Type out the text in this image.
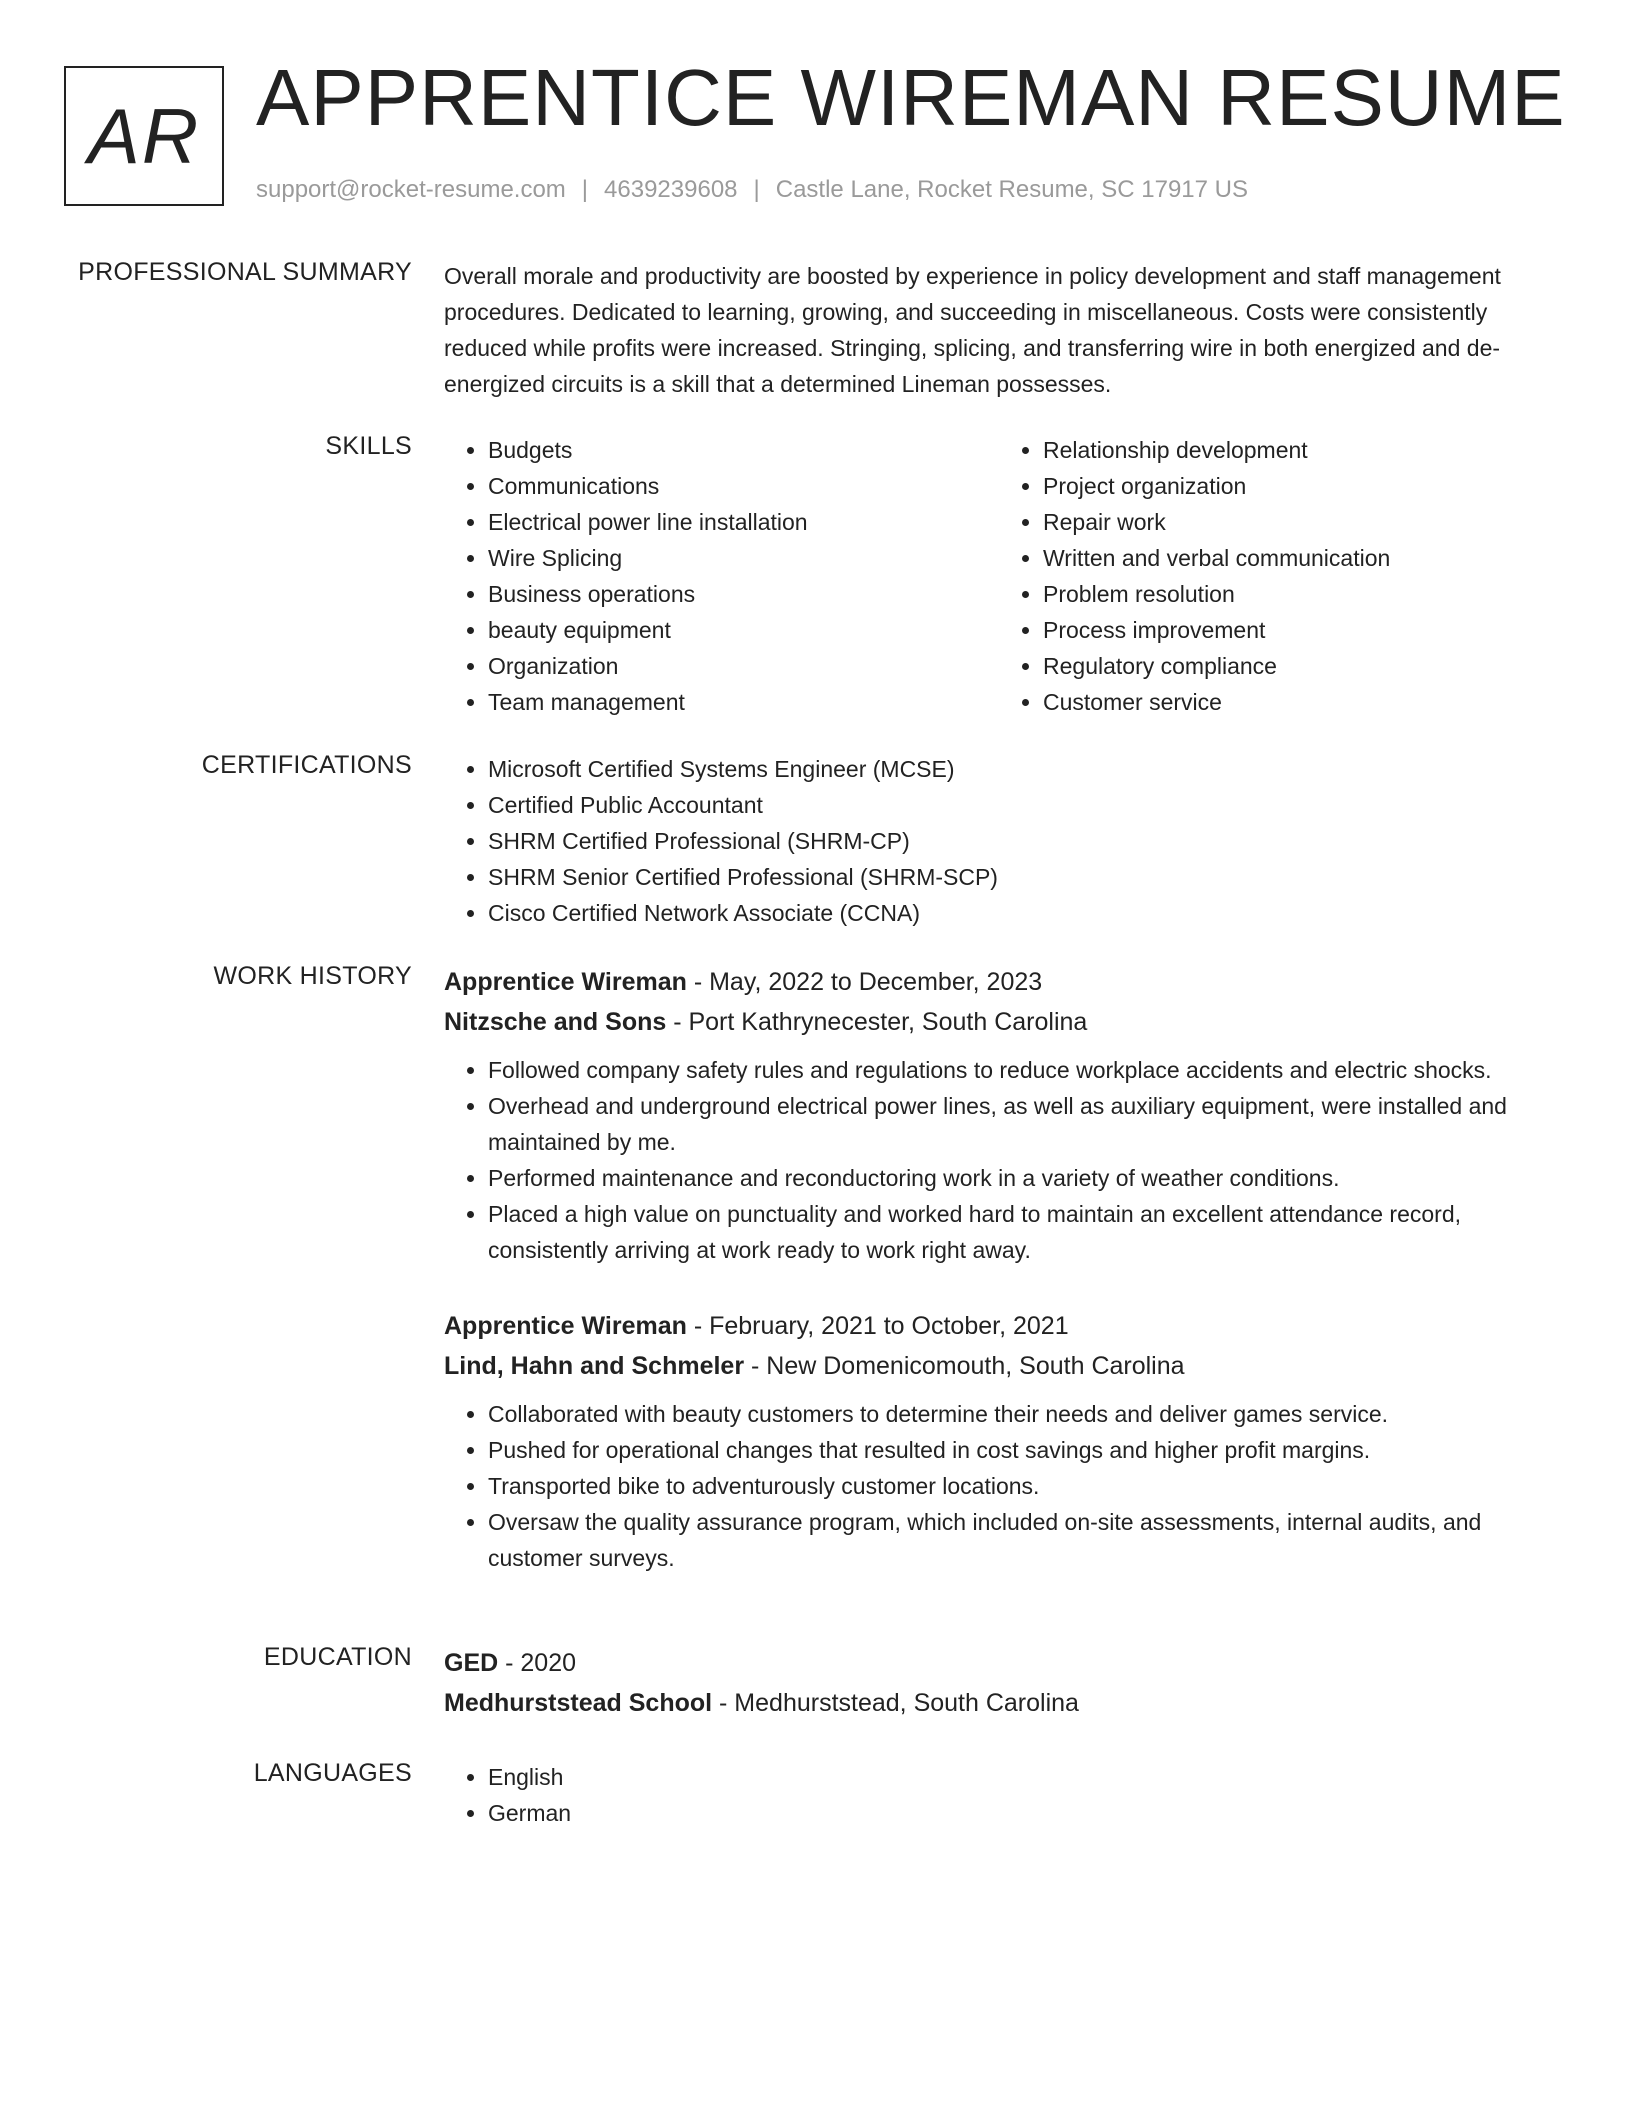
AR APPRENTICE WIREMAN RESUME
support@rocket-resume.com | 4639239608 | Castle Lane, Rocket Resume, SC 17917 US
PROFESSIONAL SUMMARY Overall morale and productivity are boosted by experience in policy development and staff management procedures. Dedicated to learning, growing, and succeeding in miscellaneous. Costs were consistently reduced while profits were increased. Stringing, splicing, and transferring wire in both energized and de-energized circuits is a skill that a determined Lineman possesses.

SKILLS	• Budgets
• Communications
• Electrical power line installation
• Wire Splicing
• Business operations
• beauty equipment
• Organization
• Team management
• Relationship development
• Project organization
• Repair work
• Written and verbal communication
• Problem resolution
• Process improvement
• Regulatory compliance
• Customer service
CERTIFICATIONS	• Microsoft Certified Systems Engineer (MCSE)
• Certified Public Accountant
• SHRM Certified Professional (SHRM-CP)
• SHRM Senior Certified Professional (SHRM-SCP)
• Cisco Certified Network Associate (CCNA)
WORK HISTORY Apprentice Wireman - May, 2022 to December, 2023
Nitzsche and Sons - Port Kathrynecester, South Carolina
• Followed company safety rules and regulations to reduce workplace accidents and electric shocks.
• Overhead and underground electrical power lines, as well as auxiliary equipment, were installed and maintained by me.
• Performed maintenance and reconductoring work in a variety of weather conditions.
• Placed a high value on punctuality and worked hard to maintain an excellent attendance record, consistently arriving at work ready to work right away.
Apprentice Wireman - February, 2021 to October, 2021
Lind, Hahn and Schmeler - New Domenicomouth, South Carolina
• Collaborated with beauty customers to determine their needs and deliver games service.
• Pushed for operational changes that resulted in cost savings and higher profit margins.
• Transported bike to adventurously customer locations.
• Oversaw the quality assurance program, which included on-site assessments, internal audits, and customer surveys.
EDUCATION GED - 2020
Medhurststead School - Medhurststead, South Carolina
LANGUAGES	• English
• German
